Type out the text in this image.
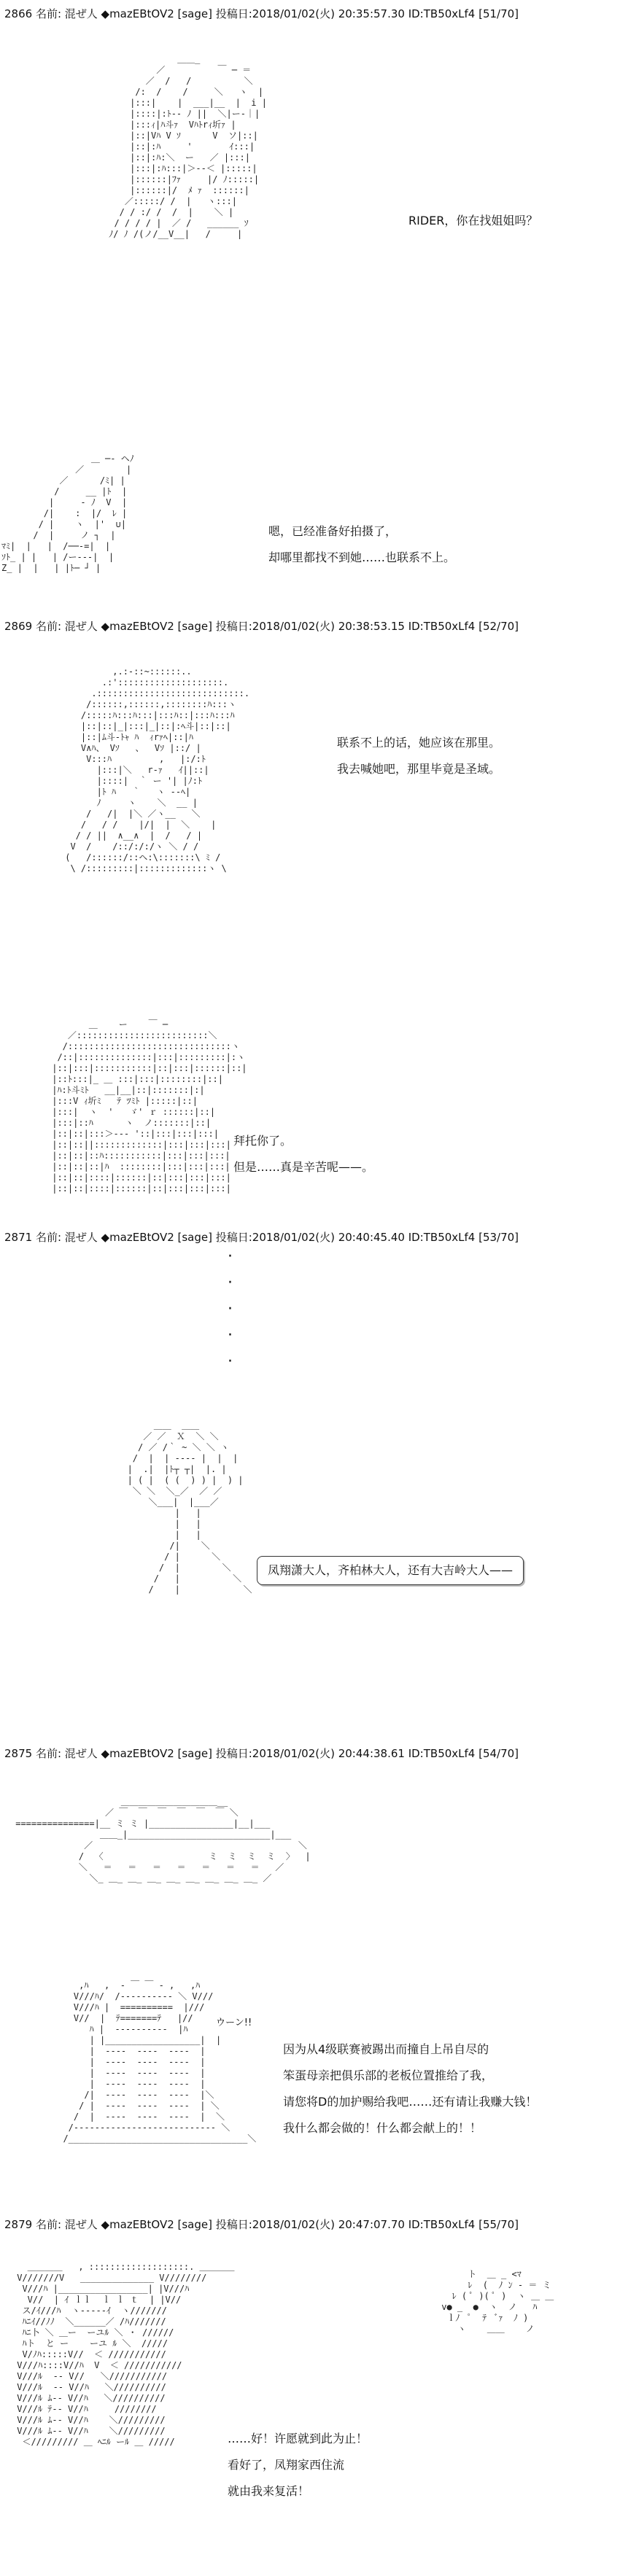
2866 名前: 混ぜ人 ◆mazEBtOV2 [sage] 投稿日:2018/01/02(火) 20:35:57.30 ID:TB50xLf4 [51/70]
＿＿_
／          ￣ ─ ＝
／  /   /          ＼
/:  /    /     ＼   ヽ  |
|:::|    |  ___|__  |  i |
|::::|:ﾄ-‐ ﾉ ||  ＼|ー-｜|
|:::ｨ|ﾊ斗ｧ  Vﾊﾄrｨ圻ｧ |
|::|Vﾊ V ｿ      V  ソ|::|
|::|:ﾊ     '       ｲ:::|
|::|:ﾊ:＼  ー   ／ |:::|
|:::|:ﾊ:::|＞--＜ |:::::|
|::::::|ﾌｧ     |/ ﾉ:::::|
|::::::|/  ﾒ ｧ  ::::::|
／:::::/ /  |   ヽ:::|
/ / :/ /  /  |    ＼ |
/ / / / |  ／ /   ______ ｿ
ﾉ/ ﾉ /(ノ/__V__|   /     |

RIDER，你在找姐姐吗？
＿ ─‐ ヘﾉ
／        |
／      /ﾐ| |
/     __ |ﾄ  |
|     ‐ ﾉ  V  |
/|    :  |/  ﾚ |
/ |    ヽ  |'  ∪|
/  |     ノ ┐  |
ﾏﾐ|  |   |  /──‐=|  |
ｿﾄ_ | |   | /ー‐‐‐|  |
Ζ_ |  |   | |ﾄ─ ┘ |

嗯，已经准备好拍摄了，
却哪里都找不到她……也联系不上。
2869 名前: 混ぜ人 ◆mazEBtOV2 [sage] 投稿日:2018/01/02(火) 20:38:53.15 ID:TB50xLf4 [52/70]
,.:-::~::::::..
.:'::::::::::::::::::::.
.::::::::::::::::::::::::::::.
/::::::,::::::,::::::::ﾊ:::ヽ
/:::::ﾊ:::ﾊ:::|:::ﾊ::|:::ﾊ:::ﾊ
|::|::|_|:::|_|::|:ﾍ斗|::|::|
|::|ﾑ斗-ﾄｬ ﾊ  ｨrｧﾍ|::|ﾊ
V∧ﾊ、 Vｿ   、  Vｿ |::/ |
V:::ﾊ         ,   |:/:ﾄ
|:::|＼   r‐ｧ   ｲ||::|
|::::|  ｀ ー '| |ﾉ:ﾄ
|ﾄ ﾊ   ｀   ヽ ‐-ﾍ|
ﾉ     ヽ    ＼  __ |
/   /|  |＼ ／ヽ__   ＼
/   / /    |/|  |  ＼    |
/ / ||  ∧__∧  |  /   / |
V  /    /::/:/:/ヽ ＼ / /
(   /::::::/::ヘ:\:::::::\ ﾐ /
\ /:::::::::|:::::::::::::ヽ \

联系不上的话，她应该在那里。
我去喊她吧，那里毕竟是圣域。
＿    ー    ￣ ─
／:::::::::::::::::::::::::＼
/:::::::::::::::::::::::::::::::ヽ
/::|::::::::::::::|:::|:::::::::|:ヽ
|::|:::|:::::::::::|::|:::|::::::|::|
|::ﾄ:::|_ ＿ :::|:::|::::::::|::|
|ﾊ:ﾄ斗ﾐﾄ   __|__|::|:::::::|:|
|:::V ｨ圻ﾐ   ﾃ ﾂﾐﾄ |:::::|::|
|:::|  ヽ  '   ゞ' ｒ ::::::|::|
|:::|::ﾊ      ヽ  ノ:::::::|::|
|::|::|:::＞--‐ '::|:::|:::|:::|
|::|::||:::::::::::::|:::|:::|:::|
|::|::|::ﾊ:::::::::::|:::|:::|:::|
|::|::|::|ﾊ  ::::::::|:::|:::|:::|
|::|::|::::|::::::|::|:::|:::|:::|
|::|::|::::|::::::|::|:::|:::|:::|

拜托你了。
但是……真是辛苦呢——。
2871 名前: 混ぜ人 ◆mazEBtOV2 [sage] 投稿日:2018/01/02(火) 20:40:45.40 ID:TB50xLf4 [53/70]
·
·
·
·
·
＿＿  ＿＿
／ ／  Ｘ  ＼ ＼
/ ／ /｀ ~ ＼ ＼ ヽ
/  |  | ---- |  |  |
|  .|  |ﾄ┬ ┬|  |. |
| ( |  ( (  ) ) |  ) |
＼ ＼  ＼_／  ／ ／
＼___|  |___／
|   |
|   |
|   |
/|    ＼
/ |      ＼
/  |        ＼
/   |          ＼
/    |            ＼

凤翔潇大人，齐柏林大人，还有大吉岭大人——
2875 名前: 混ぜ人 ◆mazEBtOV2 [sage] 投稿日:2018/01/02(火) 20:44:38.61 ID:TB50xLf4 [54/70]
＿＿＿＿＿＿＿＿＿＿＿__
／ ￣  ￣  ￣  ￣  ￣  ￣ ＼
===============|__ ミ ミ |________________|__|___
＿＿_|___________________________|___
／                                       ＼
/  〈                    ミ  ミ  ミ  ミ  〉  |
＼   ＝   ＝   ＝   ＝   ＝   ＝   ＝   ／
＼_ ＿_ ＿_ ＿_ ＿_ ＿_ ＿_ ＿_ ＿_ ／

,ﾊ   ,  ‐ ￣ ￣ ‐ ,   ,ﾊ
V///ﾊ/  /‐‐‐‐‐‐‐‐‐‐ ＼ V///
V///ﾊ |  ==========  |///
V//  |  ﾃ=======ﾃ   |//
ﾊ |  ‐‐‐‐‐‐‐‐‐‐  |ﾊ
| |__________________|  |
|  ‐‐‐‐  ‐‐‐‐  ‐‐‐‐  |
|  ‐‐‐‐  ‐‐‐‐  ‐‐‐‐  |
|  ‐‐‐‐  ‐‐‐‐  ‐‐‐‐  |
|  ‐‐‐‐  ‐‐‐‐  ‐‐‐‐  |
/|  ‐‐‐‐  ‐‐‐‐  ‐‐‐‐  |＼
/ |  ‐‐‐‐  ‐‐‐‐  ‐‐‐‐  | ＼
/  |  ‐‐‐‐  ‐‐‐‐  ‐‐‐‐  |  ＼
/‐‐‐‐‐‐‐‐‐‐‐‐‐‐‐‐‐‐‐‐‐‐‐‐‐‐‐ ＼
/__________________________________＼

ウーン!!
因为从4级联赛被踢出而撞自上吊自尽的
笨蛋母亲把俱乐部的老板位置推给了我，
请您将D的加护赐给我吧……还有请让我赚大钱！
我什么都会做的！什么都会献上的！！
2879 名前: 混ぜ人 ◆mazEBtOV2 [sage] 投稿日:2018/01/02(火) 20:47:07.70 ID:TB50xLf4 [55/70]
＿＿＿＿   , :::::::::::::::::::. ＿＿＿＿
V///////V   ______________ V////////
V///ﾊ |_________________| |V///ﾊ
V//  | ｲ ｌｌ  ｌ ｌ ｔ  | |V//
ス/ｲ///ﾊ  ヽ‐‐‐‐‐ｲ  ヽ///////
ﾊﾆｲ//ﾉﾉ  ＼______／ /ﾊ///////
ﾊﾆ卜 ＼ ＿ー  ーユﾙ ＼ ・ //////
ﾊト  と ー    ーユ ﾙ ＼  /////
V/ﾉﾊ:::::V//  ＜ ///////////
V///ﾊ::::V//ﾊ  V  ＜ ///////////
V///ﾙ  ‐‐ V//   ＼///////////
V///ﾙ  ‐‐ V//ﾊ   ＼//////////
V///ﾙ ﾑ‐‐ V//ﾊ   ＼//////////
V///ﾙ ﾃ‐‐ V//ﾊ     ////////
V///ﾙ ﾑ‐‐ V//ﾊ    ＼/////////
V///ﾙ ﾑ‐‐ V//ﾊ    ＼/////////
＜///////// ＿ ﾍﾆﾙ ーﾙ ＿ /////

ト  ＿ _ <ﾏ
ﾚ  (  ﾉ ﾝ ‐ ＝ ミ
ﾚ ( ﾟ )( ﾟ )  ヽ ＿ ＿
v● _  ●  ヽ  ノ   ﾊ
ｌﾉ  ﾟ  ﾃ  ﾞｧ  ﾉ )
ヽ    ＿＿    ノ

……好！许愿就到此为止！
看好了，凤翔家西住流
就由我来复活！
